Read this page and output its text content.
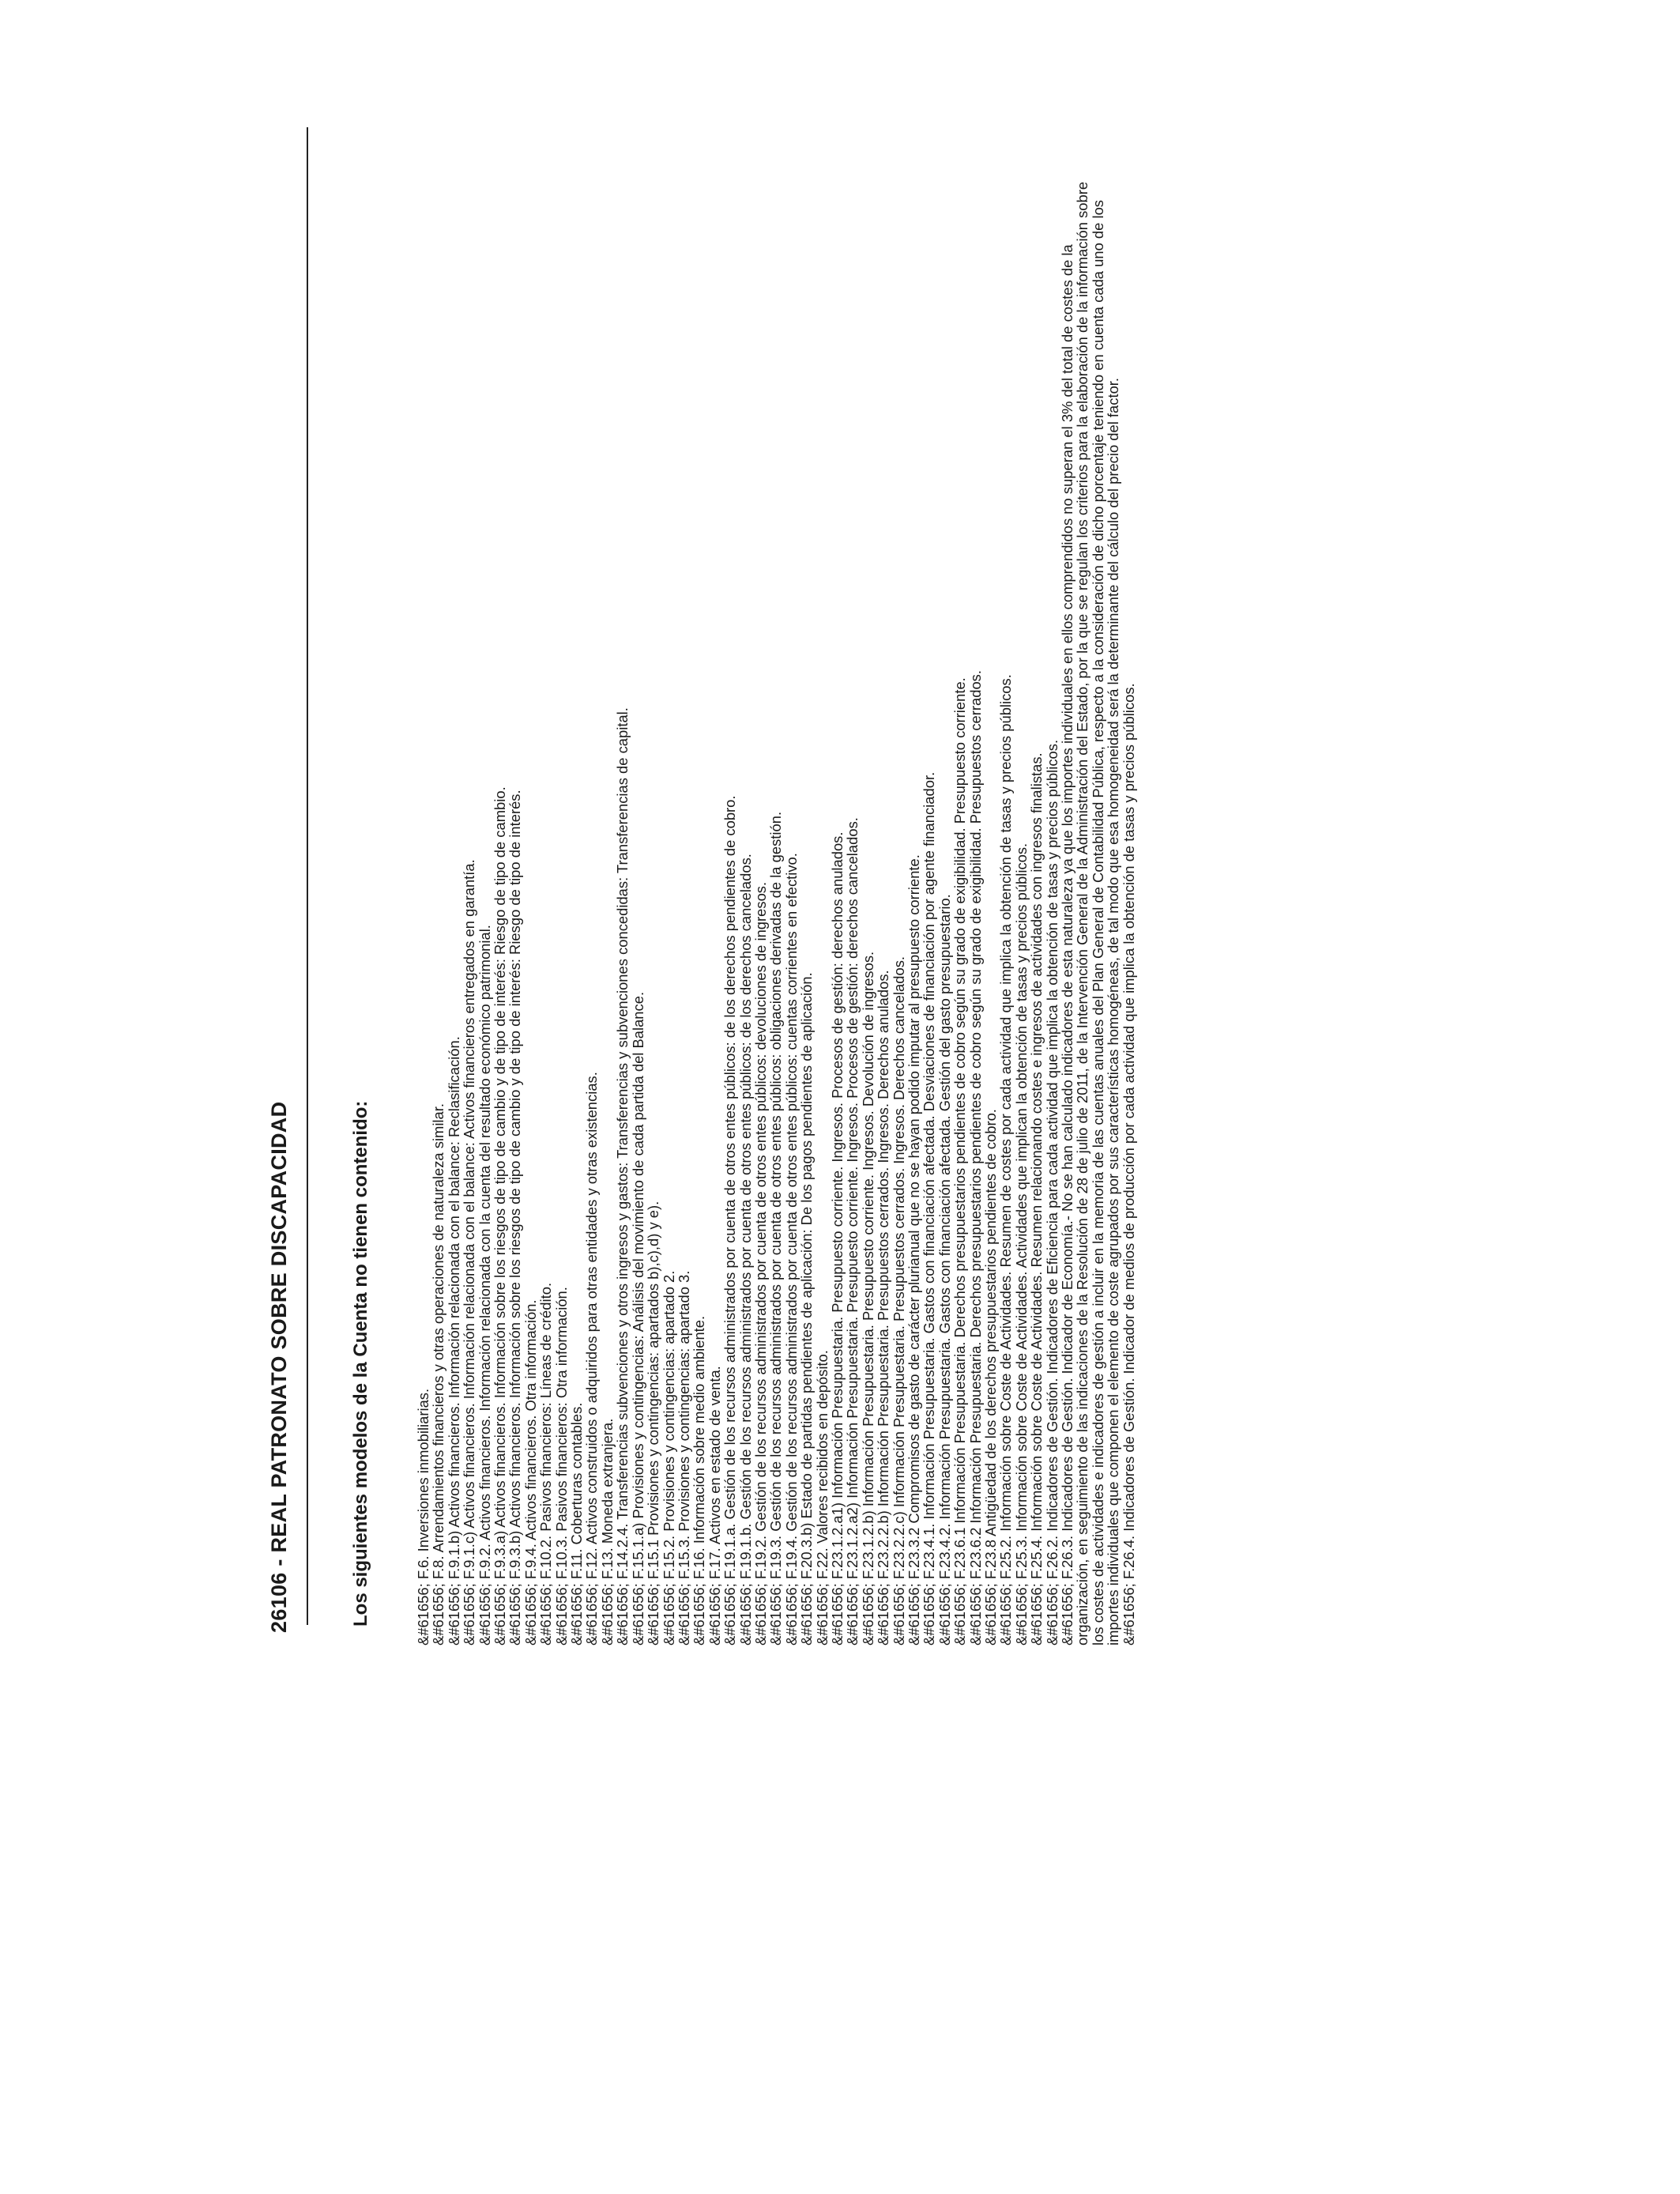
26106 - REAL PATRONATO SOBRE DISCAPACIDAD	Los siguientes modelos de la Cuenta no tienen contenido:	&#61656; F.6. Inversiones inmobiliarias.
&#61656; F.8. Arrendamientos financieros y otras operaciones de naturaleza similar.
&#61656; F.9.1.b) Activos financieros. Información relacionada con el balance: Reclasificación.
&#61656; F.9.1.c) Activos financieros. Información relacionada con el balance: Activos financieros entregados en garantía.
&#61656; F.9.2. Activos financieros. Información relacionada con la cuenta del resultado económico patrimonial.
&#61656; F.9.3.a) Activos financieros. Información sobre los riesgos de tipo de cambio y de tipo de interés: Riesgo de tipo de cambio.
&#61656; F.9.3.b) Activos financieros. Información sobre los riesgos de tipo de cambio y de tipo de interés: Riesgo de tipo de interés.
&#61656; F.9.4. Activos financieros. Otra información.
&#61656; F.10.2. Pasivos financieros: Líneas de crédito.
&#61656; F.10.3. Pasivos financieros: Otra información.
&#61656; F.11. Coberturas contables.
&#61656; F.12. Activos construidos o adquiridos para otras entidades y otras existencias.
&#61656; F.13. Moneda extranjera.
&#61656; F.14.2.4. Transferencias subvenciones y otros ingresos y gastos: Transferencias y subvenciones concedidas: Transferencias de capital.
&#61656; F.15.1.a) Provisiones y contingencias: Análisis del movimiento de cada partida del Balance.
&#61656; F.15.1 Provisiones y contingencias: apartados b),c),d) y e).
&#61656; F.15.2. Provisiones y contingencias: apartado 2.
&#61656; F.15.3. Provisiones y contingencias: apartado 3.
&#61656; F.16. Información sobre medio ambiente.
&#61656; F.17. Activos en estado de venta.
&#61656; F.19.1.a. Gestión de los recursos administrados por cuenta de otros entes públicos: de los derechos pendientes de cobro.
&#61656; F.19.1.b. Gestión de los recursos administrados por cuenta de otros entes públicos: de los derechos cancelados.
&#61656; F.19.2. Gestión de los recursos administrados por cuenta de otros entes públicos: devoluciones de ingresos.
&#61656; F.19.3. Gestión de los recursos administrados por cuenta de otros entes públicos: obligaciones derivadas de la gestión.
&#61656; F.19.4. Gestión de los recursos administrados por cuenta de otros entes públicos: cuentas corrientes en efectivo.
&#61656; F.20.3.b) Estado de partidas pendientes de aplicación: De los pagos pendientes de aplicación.
&#61656; F.22. Valores recibidos en depósito.
&#61656; F.23.1.2.a1) Información Presupuestaria. Presupuesto corriente. Ingresos. Procesos de gestión: derechos anulados.
&#61656; F.23.1.2.a2) Información Presupuestaria. Presupuesto corriente. Ingresos. Procesos de gestión: derechos cancelados.
&#61656; F.23.1.2.b) Información Presupuestaria. Presupuesto corriente. Ingresos. Devolución de ingresos.
&#61656; F.23.2.2.b) Información Presupuestaria. Presupuestos cerrados. Ingresos. Derechos anulados.
&#61656; F.23.2.2.c) Información Presupuestaria. Presupuestos cerrados. Ingresos. Derechos cancelados.
&#61656; F.23.3.2 Compromisos de gasto de carácter plurianual que no se hayan podido imputar al presupuesto corriente.
&#61656; F.23.4.1. Información Presupuestaria. Gastos con financiación afectada. Desviaciones de financiación por agente financiador.
&#61656; F.23.4.2. Información Presupuestaria. Gastos con financiación afectada. Gestión del gasto presupuestario.
&#61656; F.23.6.1 Información Presupuestaria. Derechos presupuestarios pendientes de cobro según su grado de exigibilidad. Presupuesto corriente.
&#61656; F.23.6.2 Información Presupuestaria. Derechos presupuestarios pendientes de cobro según su grado de exigibilidad. Presupuestos cerrados.
&#61656; F.23.8 Antigüedad de los derechos presupuestarios pendientes de cobro.
&#61656; F.25.2. Información sobre Coste de Actividades. Resumen de costes por cada actividad que implica la obtención de tasas y precios públicos.
&#61656; F.25.3. Información sobre Coste de Actividades. Actividades que implican la obtención de tasas y precios públicos.
&#61656; F.25.4. Información sobre Coste de Actividades. Resumen relacionando costes e ingresos de actividades con ingresos finalistas.
&#61656; F.26.2. Indicadores de Gestión. Indicadores de Eficiencia para cada actividad que implica la obtención de tasas y precios públicos.
&#61656; F.26.3. Indicadores de Gestión. Indicador de Economía.- No se han calculado indicadores de esta naturaleza ya que los importes individuales en ellos comprendidos no superan el 3% del total de costes de la organización, en seguimiento de las indicaciones de la Resolución de 28 de julio de 2011, de la Intervención General de la Administración del Estado, por la que se regulan los criterios para la elaboración de la información sobre los costes de actividades e indicadores de gestión a incluir en la memoria de las cuentas anuales del Plan General de Contabilidad Pública, respecto a la consideración de dicho porcentaje teniendo en cuenta cada uno de los importes individuales que componen el elemento de coste agrupados por sus características homogéneas, de tal modo que esa homogeneidad será la determinante del cálculo del precio del factor.
&#61656; F.26.4. Indicadores de Gestión. Indicador de medios de producción por cada actividad que implica la obtención de tasas y precios públicos.
